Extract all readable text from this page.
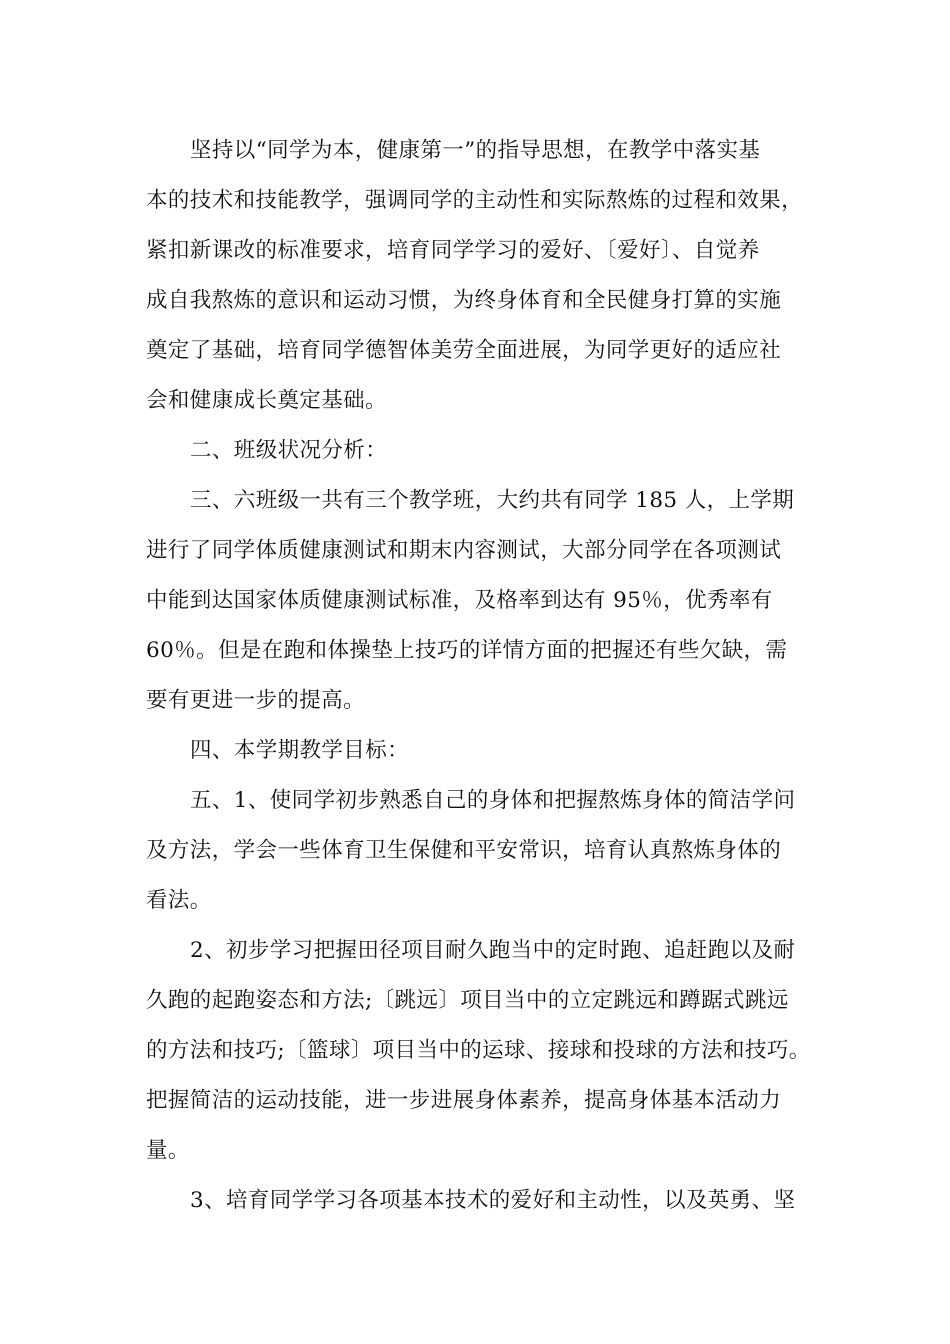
坚持以“同学为本，健康第一”的指导思想，在教学中落实基
本的技术和技能教学，强调同学的主动性和实际熬炼的过程和效果，
紧扣新课改的标准要求，培育同学学习的爱好、〔爱好〕、自觉养
成自我熬炼的意识和运动习惯，为终身体育和全民健身打算的实施
奠定了基础，培育同学德智体美劳全面进展，为同学更好的适应社
会和健康成长奠定基础。
二、班级状况分析：
三、六班级一共有三个教学班，大约共有同学 185 人，上学期
进行了同学体质健康测试和期末内容测试，大部分同学在各项测试
中能到达国家体质健康测试标准，及格率到达有 95％，优秀率有
60％。但是在跑和体操垫上技巧的详情方面的把握还有些欠缺，需
要有更进一步的提高。
四、本学期教学目标：
五、1、使同学初步熟悉自己的身体和把握熬炼身体的简洁学问
及方法，学会一些体育卫生保健和平安常识，培育认真熬炼身体的
看法。
2、初步学习把握田径项目耐久跑当中的定时跑、追赶跑以及耐
久跑的起跑姿态和方法;〔跳远〕项目当中的立定跳远和蹲踞式跳远
的方法和技巧;〔篮球〕项目当中的运球、接球和投球的方法和技巧。
把握简洁的运动技能，进一步进展身体素养，提高身体基本活动力
量。
3、培育同学学习各项基本技术的爱好和主动性，以及英勇、坚
